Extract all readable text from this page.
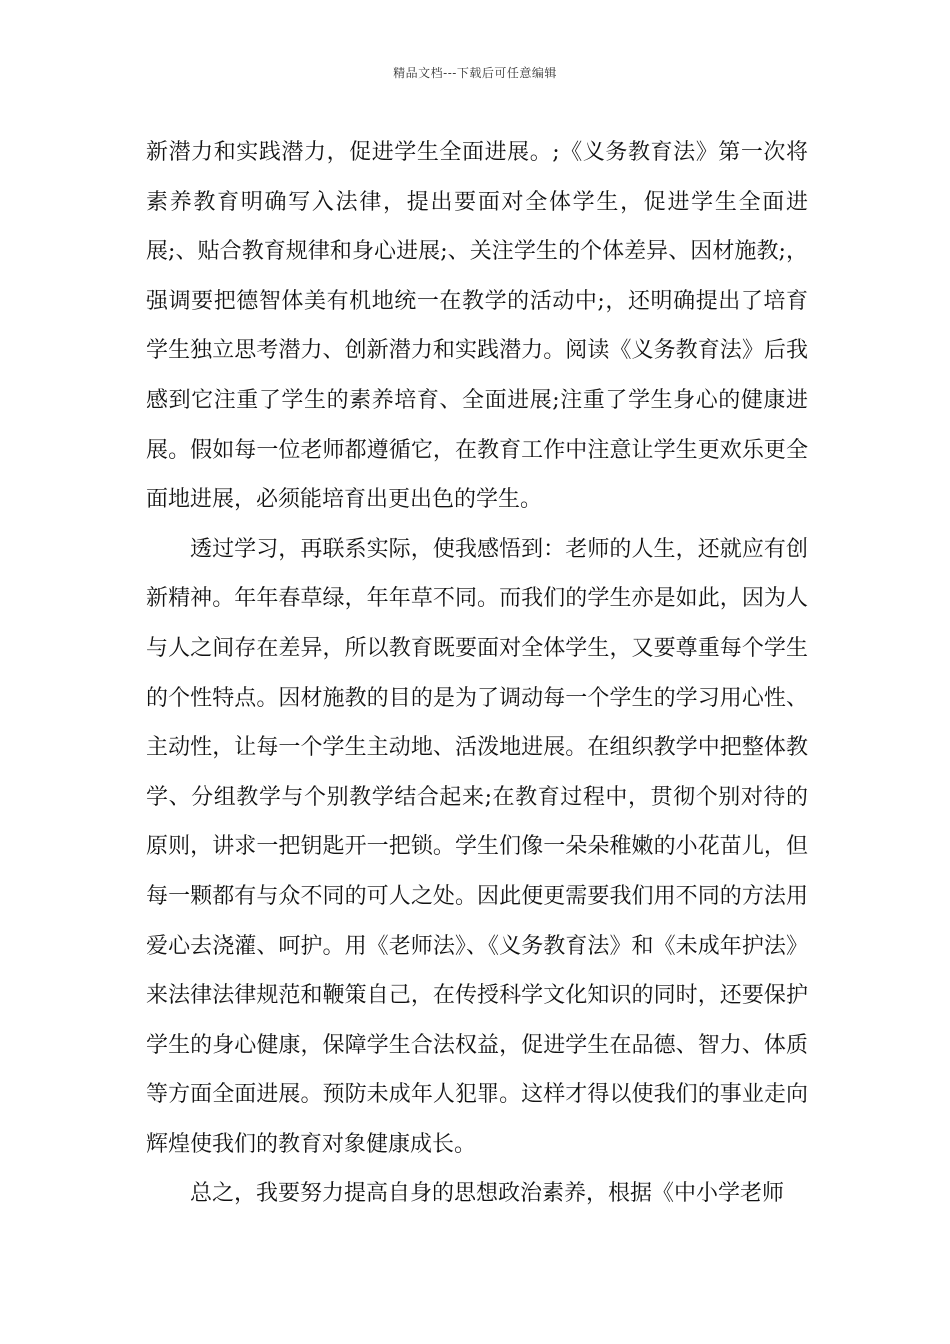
精品文档---下载后可任意编辑

新潜力和实践潜力，促进学生全面进展。;《义务教育法》第一次将素养教育明确写入法律，提出要面对全体学生，促进学生全面进展;、贴合教育规律和身心进展;、关注学生的个体差异、因材施教;，强调要把德智体美有机地统一在教学的活动中;，还明确提出了培育学生独立思考潜力、创新潜力和实践潜力。阅读《义务教育法》后我感到它注重了学生的素养培育、全面进展;注重了学生身心的健康进展。假如每一位老师都遵循它，在教育工作中注意让学生更欢乐更全面地进展，必须能培育出更出色的学生。

透过学习，再联系实际，使我感悟到：老师的人生，还就应有创新精神。年年春草绿，年年草不同。而我们的学生亦是如此，因为人与人之间存在差异，所以教育既要面对全体学生，又要尊重每个学生的个性特点。因材施教的目的是为了调动每一个学生的学习用心性、主动性，让每一个学生主动地、活泼地进展。在组织教学中把整体教学、分组教学与个别教学结合起来;在教育过程中，贯彻个别对待的原则，讲求一把钥匙开一把锁。学生们像一朵朵稚嫩的小花苗儿，但每一颗都有与众不同的可人之处。因此便更需要我们用不同的方法用爱心去浇灌、呵护。用《老师法》、《义务教育法》和《未成年护法》来法律法律规范和鞭策自己，在传授科学文化知识的同时，还要保护学生的身心健康，保障学生合法权益，促进学生在品德、智力、体质等方面全面进展。预防未成年人犯罪。这样才得以使我们的事业走向辉煌使我们的教育对象健康成长。

总之，我要努力提高自身的思想政治素养，根据《中小学老师
